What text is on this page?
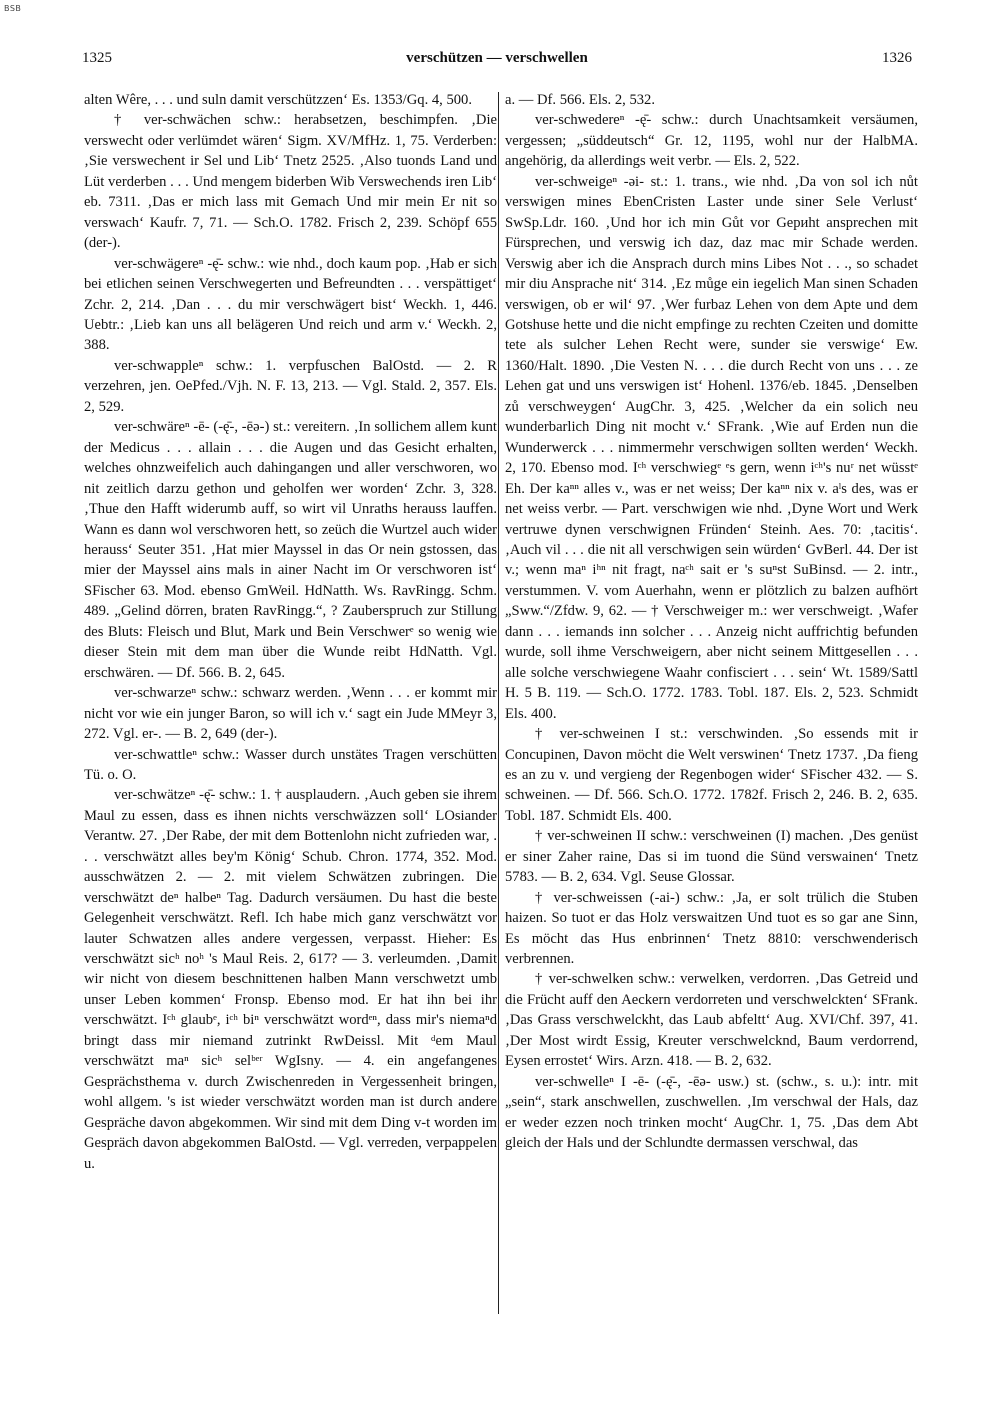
BSB
1325	verschützen — verschwellen	1326

alten Wêre, . . . und suln damit verschützzen‘ Es. 1353/Gq. 4, 500.

† ver-schwächen schw.: herabsetzen, beschimpfen. ‚Die verswecht oder verlümdet wären‘ Sigm. XV/MfHz. 1, 75. Verderben: ‚Sie verswechent ir Sel und Lib‘ Tnetz 2525. ‚Also tuonds Land und Lüt verderben . . . Und mengem biderben Wib Verswechends iren Lib‘ eb. 7311. ‚Das er mich lass mit Gemach Und mir mein Er nit so verswach‘ Kaufr. 7, 71. — Sch.O. 1782. Frisch 2, 239. Schöpf 655 (der-).

ver-schwägereⁿ -ę̄- schw.: wie nhd., doch kaum pop. ‚Hab er sich bei etlichen seinen Verschwegerten und Befreundten . . . verspättiget‘ Zchr. 2, 214. ‚Dan . . . du mir verschwägert bist‘ Weckh. 1, 446. Uebtr.: ‚Lieb kan uns all belägeren Und reich und arm v.‘ Weckh. 2, 388.

ver-schwappleⁿ schw.: 1. verpfuschen BalOstd. — 2. R verzehren, jen. OePfed./Vjh. N. F. 13, 213. — Vgl. Stald. 2, 357. Els. 2, 529.

ver-schwäreⁿ -ē- (-ę̄-, -ēə-) st.: vereitern. ‚In sollichem allem kunt der Medicus . . . allain . . . die Augen und das Gesicht erhalten, welches ohnzweifelich auch dahingangen und aller verschworen, wo nit zeitlich darzu gethon und geholfen wer worden‘ Zchr. 3, 328. ‚Thue den Hafft widerumb auff, so wirt vil Unraths herauss lauffen. Wann es dann wol verschworen hett, so zeüch die Wurtzel auch wider herauss‘ Seuter 351. ‚Hat mier Mayssel in das Or nein gstossen, das mier der Mayssel ains mals in ainer Nacht im Or verschworen ist‘ SFischer 63. Mod. ebenso GmWeil. HdNatth. Ws. RavRingg. Schm. 489. „Gelind dörren, braten RavRingg.“, ? Zauberspruch zur Stillung des Bluts: Fleisch und Blut, Mark und Bein Verschwerᵉ so wenig wie dieser Stein mit dem man über die Wunde reibt HdNatth. Vgl. erschwären. — Df. 566. B. 2, 645.

ver-schwarzeⁿ schw.: schwarz werden. ‚Wenn . . . er kommt mir nicht vor wie ein junger Baron, so will ich v.‘ sagt ein Jude MMeyr 3, 272. Vgl. er-. — B. 2, 649 (der-).

ver-schwattleⁿ schw.: Wasser durch unstätes Tragen verschütten Tü. o. O.

ver-schwätzeⁿ -ę̄- schw.: 1. † ausplaudern. ‚Auch geben sie ihrem Maul zu essen, dass es ihnen nichts verschwäzzen soll‘ LOsiander Verantw. 27. ‚Der Rabe, der mit dem Bottenlohn nicht zufrieden war, . . . verschwätzt alles bey'm König‘ Schub. Chron. 1774, 352. Mod. ausschwätzen 2. — 2. mit vielem Schwätzen zubringen. Die verschwätzt deⁿ halbeⁿ Tag. Dadurch versäumen. Du hast die beste Gelegenheit verschwätzt. Refl. Ich habe mich ganz verschwätzt vor lauter Schwatzen alles andere vergessen, verpasst. Hieher: Es verschwätzt sicʰ noʰ 's Maul Reis. 2, 617? — 3. verleumden. ‚Damit wir nicht von diesem beschnittenen halben Mann verschwetzt umb unser Leben kommen‘ Fronsp. Ebenso mod. Er hat ihn bei ihr verschwätzt. Iᶜʰ glaubᵉ, iᶜʰ biⁿ verschwätzt wordᵉⁿ, dass mir's niemaⁿd bringt dass mir niemand zutrinkt RwDeissl. Mit ᵈem Maul verschwätzt maⁿ sicʰ selᵇᵉʳ WgIsny. — 4. ein angefangenes Gesprächsthema v. durch Zwischenreden in Vergessenheit bringen, wohl allgem. 's ist wieder verschwätzt worden man ist durch andere Gespräche davon abgekommen. Wir sind mit dem Ding v-t worden im Gespräch davon abgekommen BalOstd. — Vgl. verreden, verpappelen u.

a. — Df. 566. Els. 2, 532.

ver-schwedereⁿ -ę̄- schw.: durch Unachtsamkeit versäumen, vergessen; „süddeutsch“ Gr. 12, 1195, wohl nur der HalbMA. angehörig, da allerdings weit verbr. — Els. 2, 522.

ver-schweigeⁿ -əi- st.: 1. trans., wie nhd. ‚Da von sol ich nůt verswigen mines EbenCristen Laster unde siner Sele Verlust‘ SwSp.Ldr. 160. ‚Und hor ich min Gůt vor Gериht ansprechen mit Fürsprechen, und verswig ich daz, daz mac mir Schade werden. Verswig aber ich die Ansprach durch mins Libes Not . . ., so schadet mir diu Ansprache nit‘ 314. ‚Ez můge ein iegelich Man sinen Schaden verswigen, ob er wil‘ 97. ‚Wer furbaz Lehen von dem Apte und dem Gotshuse hette und die nicht empfinge zu rechten Czeiten und domitte tete als sulcher Lehen Recht were, sunder sie verswige‘ Ew. 1360/Halt. 1890. ‚Die Vesten N. . . . die durch Recht von uns . . . ze Lehen gat und uns verswigen ist‘ Hohenl. 1376/eb. 1845. ‚Denselben zů verschweygen‘ AugChr. 3, 425. ‚Welcher da ein solich neu wunderbarlich Ding nit mocht v.‘ SFrank. ‚Wie auf Erden nun die Wunderwerck . . . nimmermehr verschwigen sollten werden‘ Weckh. 2, 170. Ebenso mod. Iᶜʰ verschwiegᵉ ᵉs gern, wenn iᶜʰ's nuʳ net wüsstᵉ Eh. Der kaⁿⁿ alles v., was er net weiss; Der kaⁿⁿ nix v. aˡs des, was er net weiss verbr. — Part. verschwigen wie nhd. ‚Dyne Wort und Werk vertruwe dynen verschwignen Fründen‘ Steinh. Aes. 70: ‚tacitis‘. ‚Auch vil . . . die nit all verschwigen sein würden‘ GvBerl. 44. Der ist v.; wenn maⁿ iʰⁿ nit fragt, naᶜʰ sait er 's suⁿst SuBinsd. — 2. intr., verstummen. V. vom Auerhahn, wenn er plötzlich zu balzen aufhört „Sww.“/Zfdw. 9, 62. — † Verschweiger m.: wer verschweigt. ‚Wafer dann . . . iemands inn solcher . . . Anzeig nicht auffrichtig befunden wurde, soll ihme Verschweigern, aber nicht seinem Mittgesellen . . . alle solche verschwiegene Waahr confisciert . . . sein‘ Wt. 1589/Sattl H. 5 B. 119. — Sch.O. 1772. 1783. Tobl. 187. Els. 2, 523. Schmidt Els. 400.

† ver-schweinen I st.: verschwinden. ‚So essends mit ir Concupinen, Davon möcht die Welt verswinen‘ Tnetz 1737. ‚Da fieng es an zu v. und vergieng der Regenbogen wider‘ SFischer 432. — S. schweinen. — Df. 566. Sch.O. 1772. 1782f. Frisch 2, 246. B. 2, 635. Tobl. 187. Schmidt Els. 400.

† ver-schweinen II schw.: verschweinen (I) machen. ‚Des genüst er siner Zaher raine, Das si im tuond die Sünd verswainen‘ Tnetz 5783. — B. 2, 634. Vgl. Seuse Glossar.

† ver-schweissen (-ai-) schw.: ‚Ja, er solt trülich die Stuben haizen. So tuot er das Holz verswaitzen Und tuot es so gar ane Sinn, Es möcht das Hus enbrinnen‘ Tnetz 8810: verschwenderisch verbrennen.

† ver-schwelken schw.: verwelken, verdorren. ‚Das Getreid und die Frücht auff den Aeckern verdorreten und verschwelckten‘ SFrank. ‚Das Grass verschwelckht, das Laub abfeltt‘ Aug. XVI/Chf. 397, 41. ‚Der Most wirdt Essig, Kreuter verschwelcknd, Baum verdorrend, Eysen errostet‘ Wirs. Arzn. 418. — B. 2, 632.

ver-schwelleⁿ I -ē- (-ę̄-, -ēə- usw.) st. (schw., s. u.): intr. mit „sein“, stark anschwellen, zuschwellen. ‚Im verschwal der Hals, daz er weder ezzen noch trinken mocht‘ AugChr. 1, 75. ‚Das dem Abt gleich der Hals und der Schlundte dermassen verschwal, das
